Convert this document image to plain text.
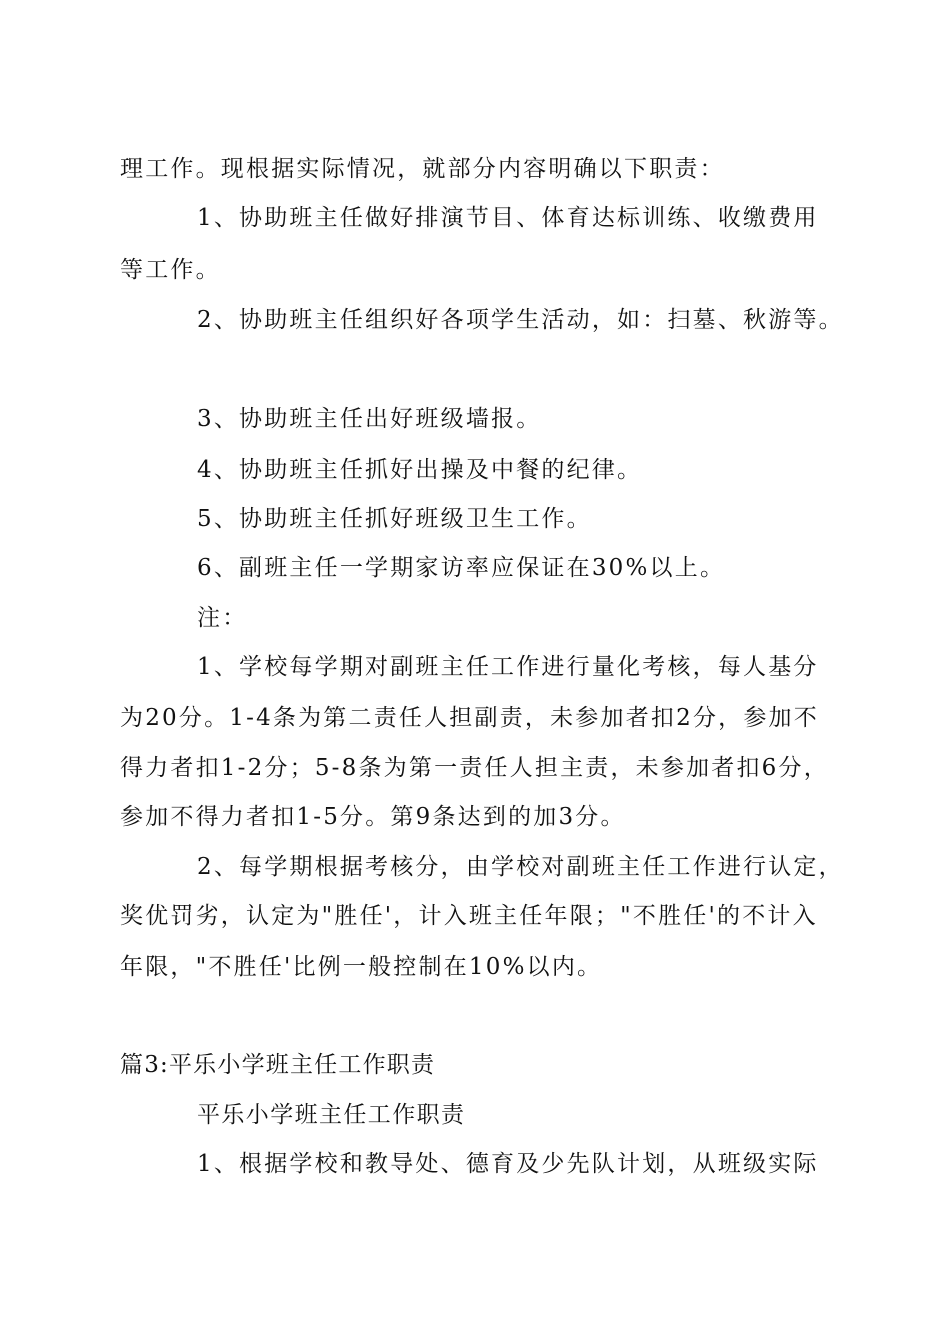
理工作。现根据实际情况，就部分内容明确以下职责：
1、协助班主任做好排演节目、体育达标训练、收缴费用
等工作。
2、协助班主任组织好各项学生活动，如：扫墓、秋游等。
3、协助班主任出好班级墙报。
4、协助班主任抓好出操及中餐的纪律。
5、协助班主任抓好班级卫生工作。
6、副班主任一学期家访率应保证在30%以上。
注：
1、学校每学期对副班主任工作进行量化考核，每人基分
为20分。1-4条为第二责任人担副责，未参加者扣2分，参加不
得力者扣1-2分；5-8条为第一责任人担主责，未参加者扣6分，
参加不得力者扣1-5分。第9条达到的加3分。
2、每学期根据考核分，由学校对副班主任工作进行认定，
奖优罚劣，认定为"胜任'，计入班主任年限；"不胜任'的不计入
年限，"不胜任'比例一般控制在10%以内。
篇3:平乐小学班主任工作职责
平乐小学班主任工作职责
1、根据学校和教导处、德育及少先队计划，从班级实际
